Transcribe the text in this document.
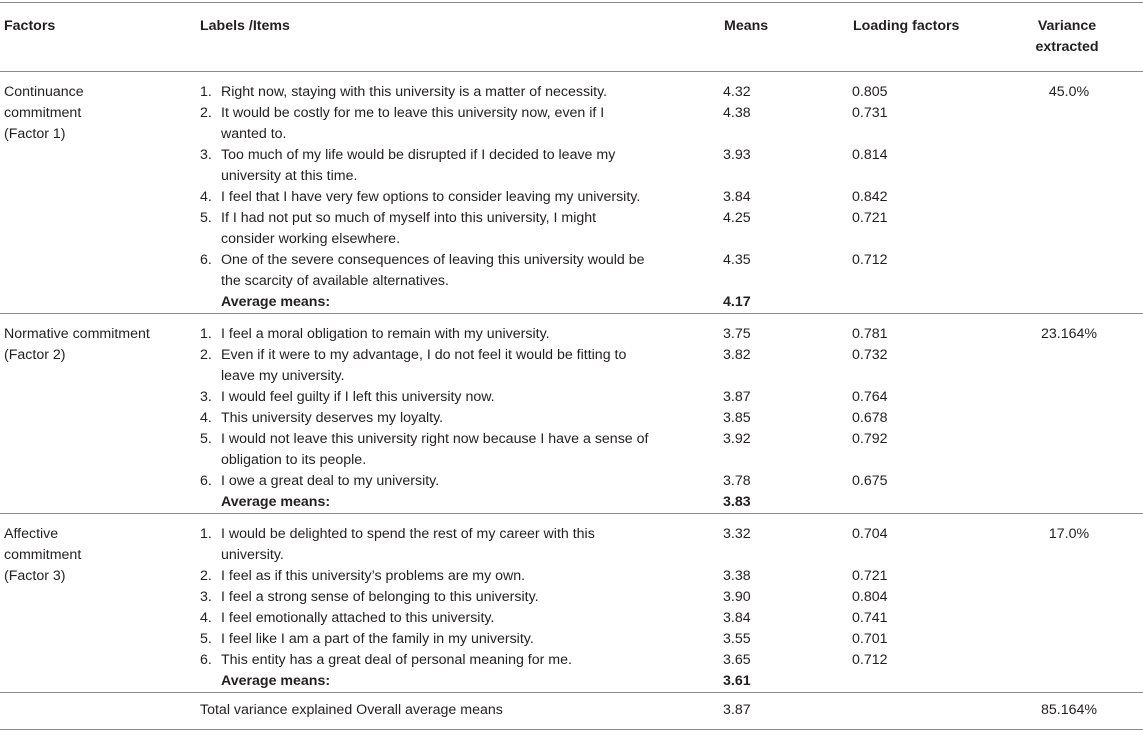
Factors	Labels /Items	Means	Loading factors	Variance
extracted

Continuance
commitment
(Factor 1)	1. Right now, staying with this university is a matter of necessity.	4.32	0.805	45.0%

	2. It would be costly for me to leave this university now, even if I wanted to.	4.38	0.731	

	3. Too much of my life would be disrupted if I decided to leave my university at this time.	3.93	0.814	

	4. I feel that I have very few options to consider leaving my university.	3.84	0.842	

	5. If I had not put so much of myself into this university, I might consider working elsewhere.	4.25	0.721	

	6. One of the severe consequences of leaving this university would be the scarcity of available alternatives.	4.35	0.712	
	Average means:	4.17		

Normative commitment
(Factor 2)	1. I feel a moral obligation to remain with my university.	3.75	0.781	23.164%

	2. Even if it were to my advantage, I do not feel it would be fitting to leave my university.	3.82	0.732	

	3. I would feel guilty if I left this university now.	3.87	0.764	

	4. This university deserves my loyalty.	3.85	0.678	

	5. I would not leave this university right now because I have a sense of obligation to its people.	3.92	0.792	

	6. I owe a great deal to my university.	3.78	0.675	
	Average means:	3.83		

Affective
commitment
(Factor 3)	1. I would be delighted to spend the rest of my career with this university.	3.32	0.704	17.0%

	2. I feel as if this university’s problems are my own.	3.38	0.721	

	3. I feel a strong sense of belonging to this university.	3.90	0.804	

	4. I feel emotionally attached to this university.	3.84	0.741	

	5. I feel like I am a part of the family in my university.	3.55	0.701	

	6. This entity has a great deal of personal meaning for me.	3.65	0.712	
	Average means:	3.61		
	Total variance explained Overall average means	3.87		85.164%
